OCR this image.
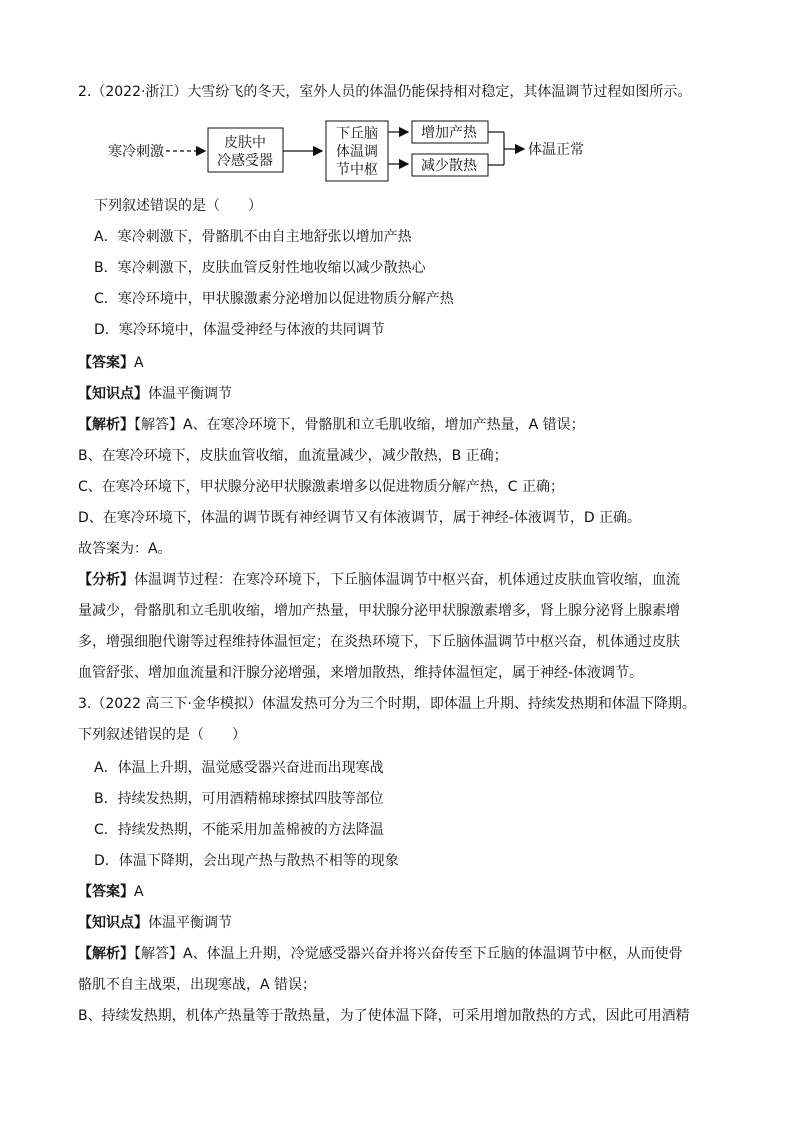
2.（2022·浙江）大雪纷飞的冬天，室外人员的体温仍能保持相对稳定，其体温调节过程如图所示。
寒冷刺激
皮肤中
冷感受器
下丘脑
体温调
节中枢
增加产热
减少散热
体温正常
下列叙述错误的是（　　）
A．寒冷刺激下，骨骼肌不由自主地舒张以增加产热
B．寒冷刺激下，皮肤血管反射性地收缩以减少散热心
C．寒冷环境中，甲状腺激素分泌增加以促进物质分解产热
D．寒冷环境中，体温受神经与体液的共同调节
【答案】A
【知识点】体温平衡调节
【解析】【解答】A、在寒冷环境下，骨骼肌和立毛肌收缩，增加产热量，A 错误；
B、在寒冷环境下，皮肤血管收缩，血流量减少，减少散热，B 正确；
C、在寒冷环境下，甲状腺分泌甲状腺激素增多以促进物质分解产热，C 正确；
D、在寒冷环境下，体温的调节既有神经调节又有体液调节，属于神经-体液调节，D 正确。
故答案为：A。
【分析】体温调节过程：在寒冷环境下，下丘脑体温调节中枢兴奋，机体通过皮肤血管收缩，血流
量减少，骨骼肌和立毛肌收缩，增加产热量，甲状腺分泌甲状腺激素增多，肾上腺分泌肾上腺素增
多，增强细胞代谢等过程维持体温恒定；在炎热环境下，下丘脑体温调节中枢兴奋，机体通过皮肤
血管舒张、增加血流量和汗腺分泌增强，来增加散热，维持体温恒定，属于神经-体液调节。
3.（2022 高三下·金华模拟）体温发热可分为三个时期，即体温上升期、持续发热期和体温下降期。
下列叙述错误的是（　　）
A．体温上升期，温觉感受器兴奋进而出现寒战
B．持续发热期，可用酒精棉球擦拭四肢等部位
C．持续发热期，不能采用加盖棉被的方法降温
D．体温下降期，会出现产热与散热不相等的现象
【答案】A
【知识点】体温平衡调节
【解析】【解答】A、体温上升期，冷觉感受器兴奋并将兴奋传至下丘脑的体温调节中枢，从而使骨
骼肌不自主战栗，出现寒战，A 错误；
B、持续发热期，机体产热量等于散热量，为了使体温下降，可采用增加散热的方式，因此可用酒精
